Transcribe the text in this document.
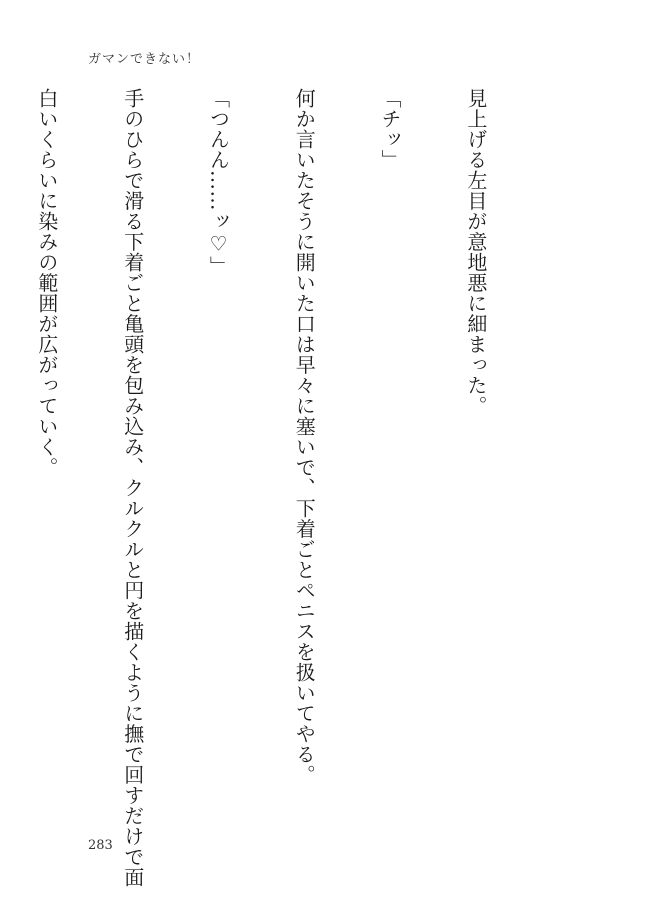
ガマンできない！

見上げる左目が意地悪に細まった。

「チッ」

何か言いたそうに開いた口は早々に塞いで、下着ごとペニスを扱いてやる。

「つんん……ッ♡」

手のひらで滑る下着ごと亀頭を包み込み、クルクルと円を描くように撫で回すだけで面

白いくらいに染みの範囲が広がっていく。

283
